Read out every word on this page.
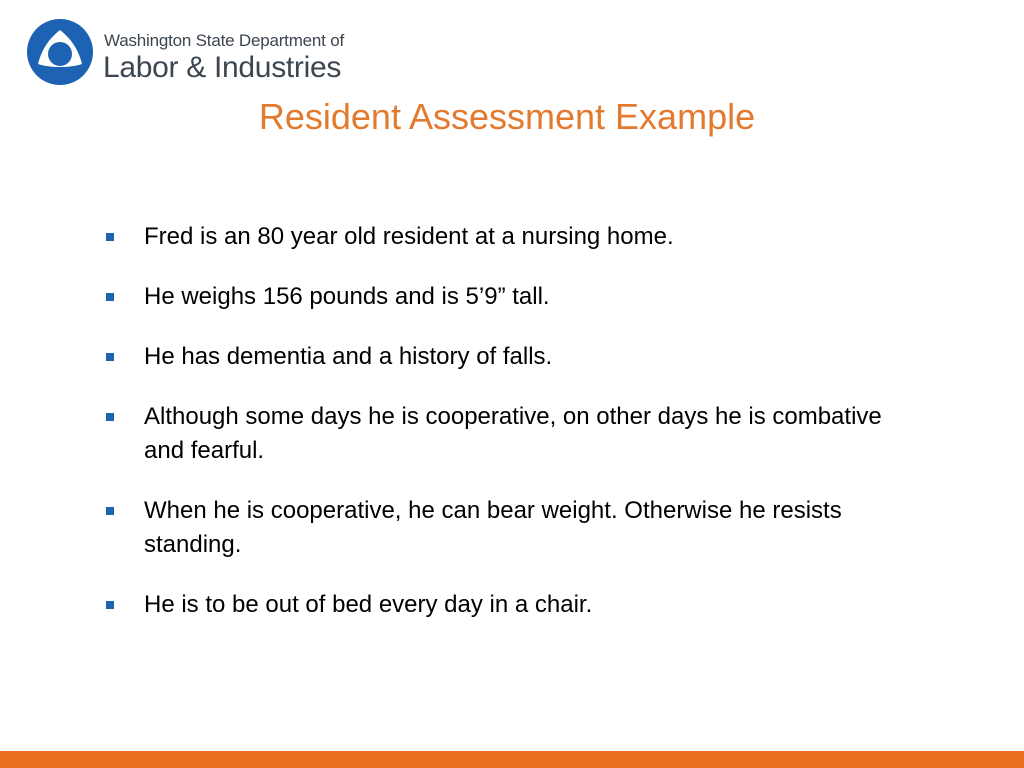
Washington State Department of
Labor & Industries
Resident Assessment Example
Fred is an 80 year old resident at a nursing home.
He weighs 156 pounds and is 5’9” tall.
He has dementia and a history of falls.
Although some days he is cooperative, on other days he is combative and fearful.
When he is cooperative, he can bear weight. Otherwise he resists standing.
He is to be out of bed every day in a chair.
